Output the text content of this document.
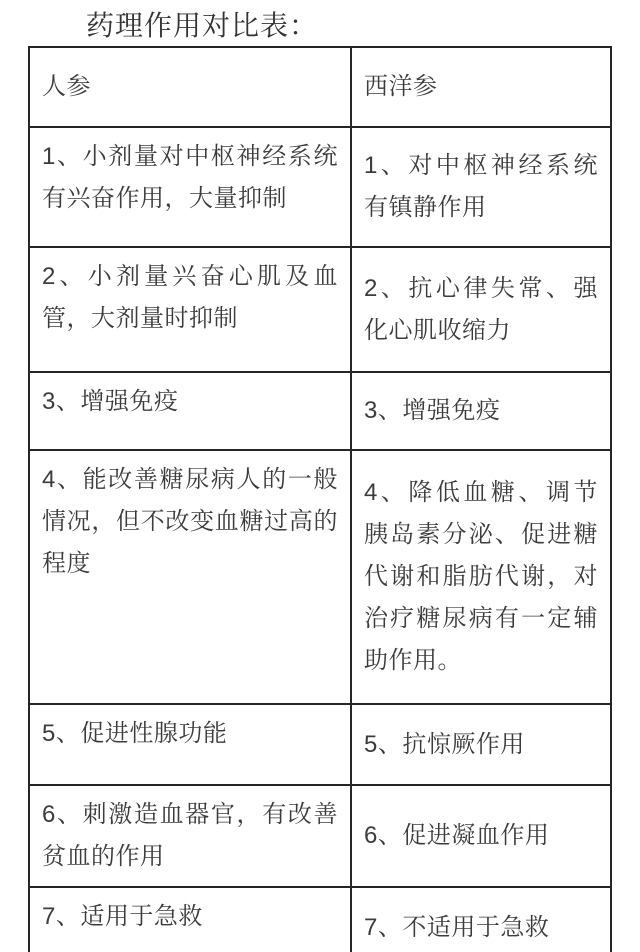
药理作用对比表：
人参	西洋参
1、小剂量对中枢神经系统有兴奋作用，大量抑制	1、对中枢神经系统有镇静作用
2、小剂量兴奋心肌及血管，大剂量时抑制	2、抗心律失常、强化心肌收缩力
3、增强免疫	3、增强免疫
4、能改善糖尿病人的一般情况，但不改变血糖过高的程度	4、降低血糖、调节胰岛素分泌、促进糖代谢和脂肪代谢，对治疗糖尿病有一定辅助作用。
5、促进性腺功能	5、抗惊厥作用
6、刺激造血器官，有改善贫血的作用	6、促进凝血作用
7、适用于急救	7、不适用于急救
